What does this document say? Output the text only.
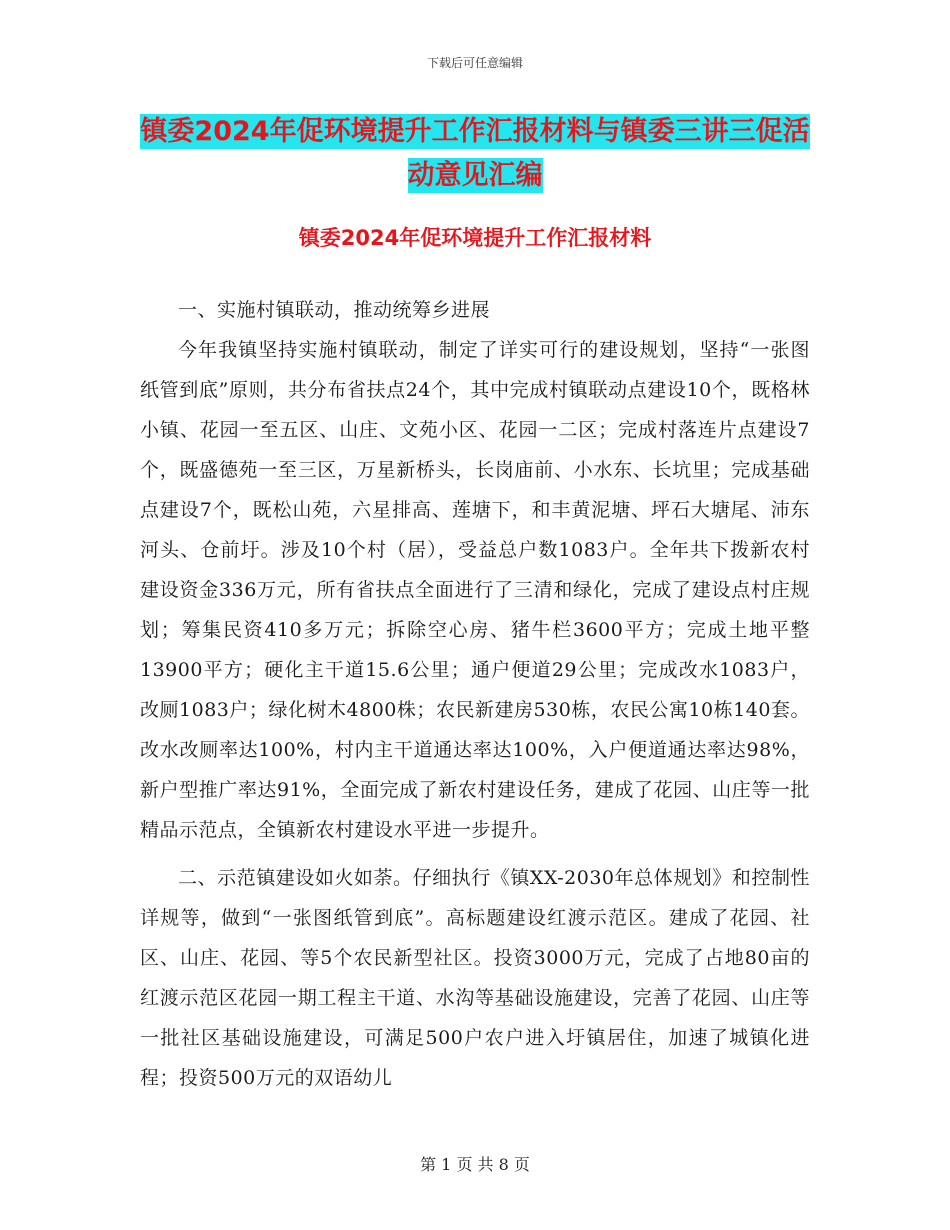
下载后可任意编辑
镇委2024年促环境提升工作汇报材料与镇委三讲三促活动意见汇编
镇委2024年促环境提升工作汇报材料

一、实施村镇联动，推动统筹乡进展

今年我镇坚持实施村镇联动，制定了详实可行的建设规划，坚持“一张图纸管到底”原则，共分布省扶点24个，其中完成村镇联动点建设10个，既格林小镇、花园一至五区、山庄、文苑小区、花园一二区；完成村落连片点建设7个，既盛德苑一至三区，万星新桥头，长岗庙前、小水东、长坑里；完成基础点建设7个，既松山苑，六星排高、莲塘下，和丰黄泥塘、坪石大塘尾、沛东河头、仓前圩。涉及10个村（居），受益总户数1083户。全年共下拨新农村建设资金336万元，所有省扶点全面进行了三清和绿化，完成了建设点村庄规划；筹集民资410多万元；拆除空心房、猪牛栏3600平方；完成土地平整13900平方；硬化主干道15.6公里；通户便道29公里；完成改水1083户，改厕1083户；绿化树木4800株；农民新建房530栋，农民公寓10栋140套。改水改厕率达100%，村内主干道通达率达100%，入户便道通达率达98%，新户型推广率达91%，全面完成了新农村建设任务，建成了花园、山庄等一批精品示范点，全镇新农村建设水平进一步提升。

二、示范镇建设如火如荼。仔细执行《镇XX-2030年总体规划》和控制性详规等，做到“一张图纸管到底”。高标题建设红渡示范区。建成了花园、社区、山庄、花园、等5个农民新型社区。投资3000万元，完成了占地80亩的红渡示范区花园一期工程主干道、水沟等基础设施建设，完善了花园、山庄等一批社区基础设施建设，可满足500户农户进入圩镇居住，加速了城镇化进程；投资500万元的双语幼儿

第 1 页 共 8 页
